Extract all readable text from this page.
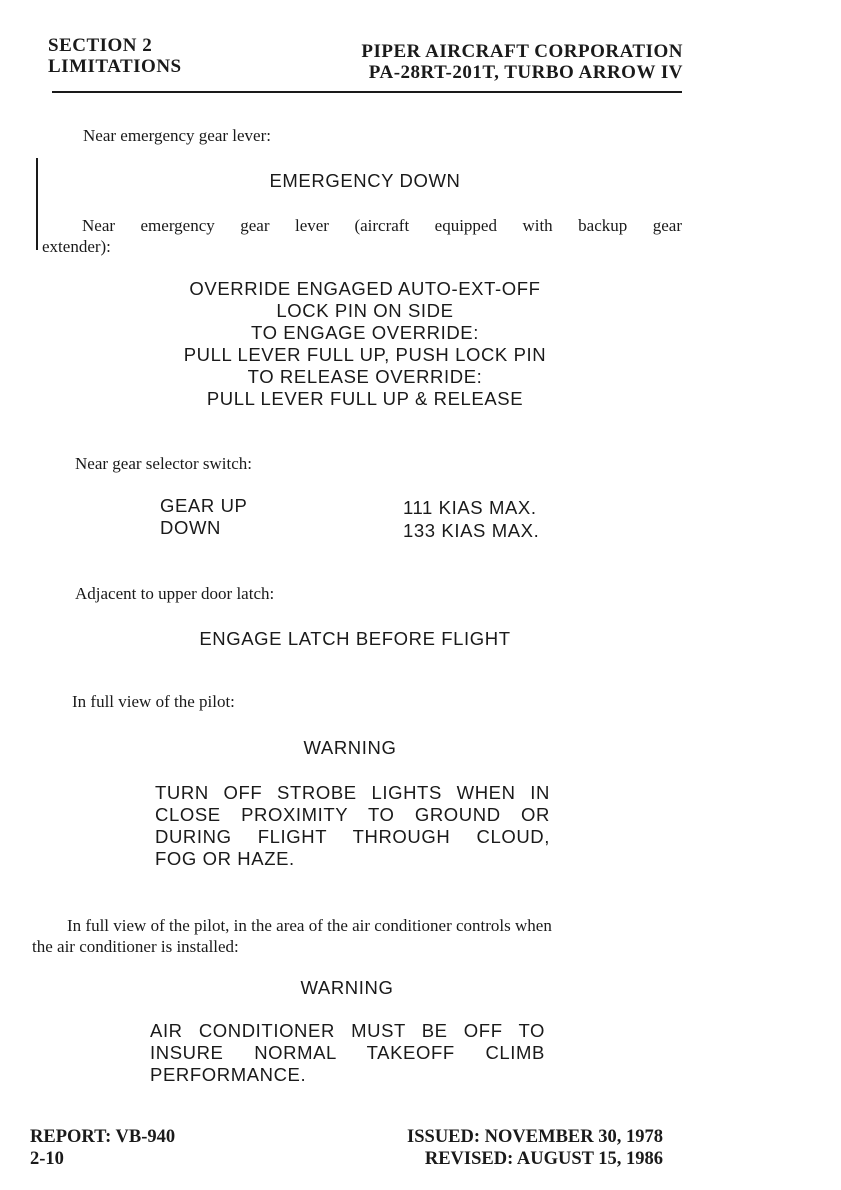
SECTION 2
LIMITATIONS
PIPER AIRCRAFT CORPORATION
PA-28RT-201T, TURBO ARROW IV
Near emergency gear lever:
EMERGENCY DOWN
Near emergency gear lever (aircraft equipped with backup gear
extender):
OVERRIDE ENGAGED AUTO-EXT-OFF
LOCK PIN ON SIDE
TO ENGAGE OVERRIDE:
PULL LEVER FULL UP, PUSH LOCK PIN
TO RELEASE OVERRIDE:
PULL LEVER FULL UP & RELEASE
Near gear selector switch:
GEAR UP	111 KIAS MAX.
DOWN	133 KIAS MAX.
Adjacent to upper door latch:
ENGAGE LATCH BEFORE FLIGHT
In full view of the pilot:
WARNING
TURN OFF STROBE LIGHTS WHEN IN
CLOSE PROXIMITY TO GROUND OR
DURING FLIGHT THROUGH CLOUD,
FOG OR HAZE.
In full view of the pilot, in the area of the air conditioner controls when
the air conditioner is installed:
WARNING
AIR CONDITIONER MUST BE OFF TO
INSURE NORMAL TAKEOFF CLIMB
PERFORMANCE.
REPORT: VB-940
2-10
ISSUED: NOVEMBER 30, 1978
REVISED: AUGUST 15, 1986
